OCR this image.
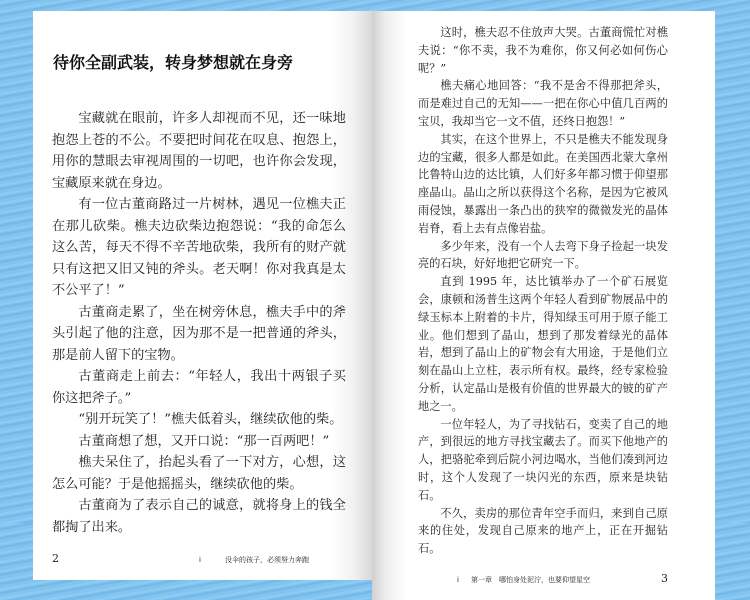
待你全副武装，转身梦想就在身旁

宝藏就在眼前，许多人却视而不见，还一味地抱怨上苍的不公。不要把时间花在叹息、抱怨上，用你的慧眼去审视周围的一切吧，也许你会发现，宝藏原来就在身边。

有一位古董商路过一片树林，遇见一位樵夫正在那儿砍柴。樵夫边砍柴边抱怨说：“我的命怎么这么苦，每天不得不辛苦地砍柴，我所有的财产就只有这把又旧又钝的斧头。老天啊！你对我真是太不公平了！”

古董商走累了，坐在树旁休息，樵夫手中的斧头引起了他的注意，因为那不是一把普通的斧头，那是前人留下的宝物。

古董商走上前去：“年轻人，我出十两银子买你这把斧子。”

“别开玩笑了！”樵夫低着头，继续砍他的柴。

古董商想了想，又开口说：“那一百两吧！”

樵夫呆住了，抬起头看了一下对方，心想，这怎么可能？于是他摇摇头，继续砍他的柴。

古董商为了表示自己的诚意，就将身上的钱全都掏了出来。

2	i	没伞的孩子，必须努力奔跑

这时，樵夫忍不住放声大哭。古董商慌忙对樵夫说：“你不卖，我不为难你，你又何必如何伤心呢？”

樵夫痛心地回答：“我不是舍不得那把斧头，而是难过自己的无知——一把在你心中值几百两的宝贝，我却当它一文不值，还终日抱怨！”

其实，在这个世界上，不只是樵夫不能发现身边的宝藏，很多人都是如此。在美国西北蒙大拿州比鲁特山边的达比镇，人们好多年都习惯于仰望那座晶山。晶山之所以获得这个名称，是因为它被风雨侵蚀，暴露出一条凸出的狭窄的微微发光的晶体岩脊，看上去有点像岩盐。

多少年来，没有一个人去弯下身子捡起一块发亮的石块，好好地把它研究一下。

直到 1995 年，达比镇举办了一个矿石展览会，康顿和汤普生这两个年轻人看到矿物展品中的绿玉标本上附着的卡片，得知绿玉可用于原子能工业。他们想到了晶山，想到了那发着绿光的晶体岩，想到了晶山上的矿物会有大用途，于是他们立刻在晶山上立柱，表示所有权。最终，经专家检验分析，认定晶山是极有价值的世界最大的铍的矿产地之一。

一位年轻人，为了寻找钻石，变卖了自己的地产，到很远的地方寻找宝藏去了。而买下他地产的人，把骆驼牵到后院小河边喝水，当他们凑到河边时，这个人发现了一块闪光的东西，原来是块钻石。

不久，卖房的那位青年空手而归，来到自己原来的住处，发现自己原来的地产上，正在开掘钻石。

i 第一章　哪怕身处泥泞，也要仰望星空	3
